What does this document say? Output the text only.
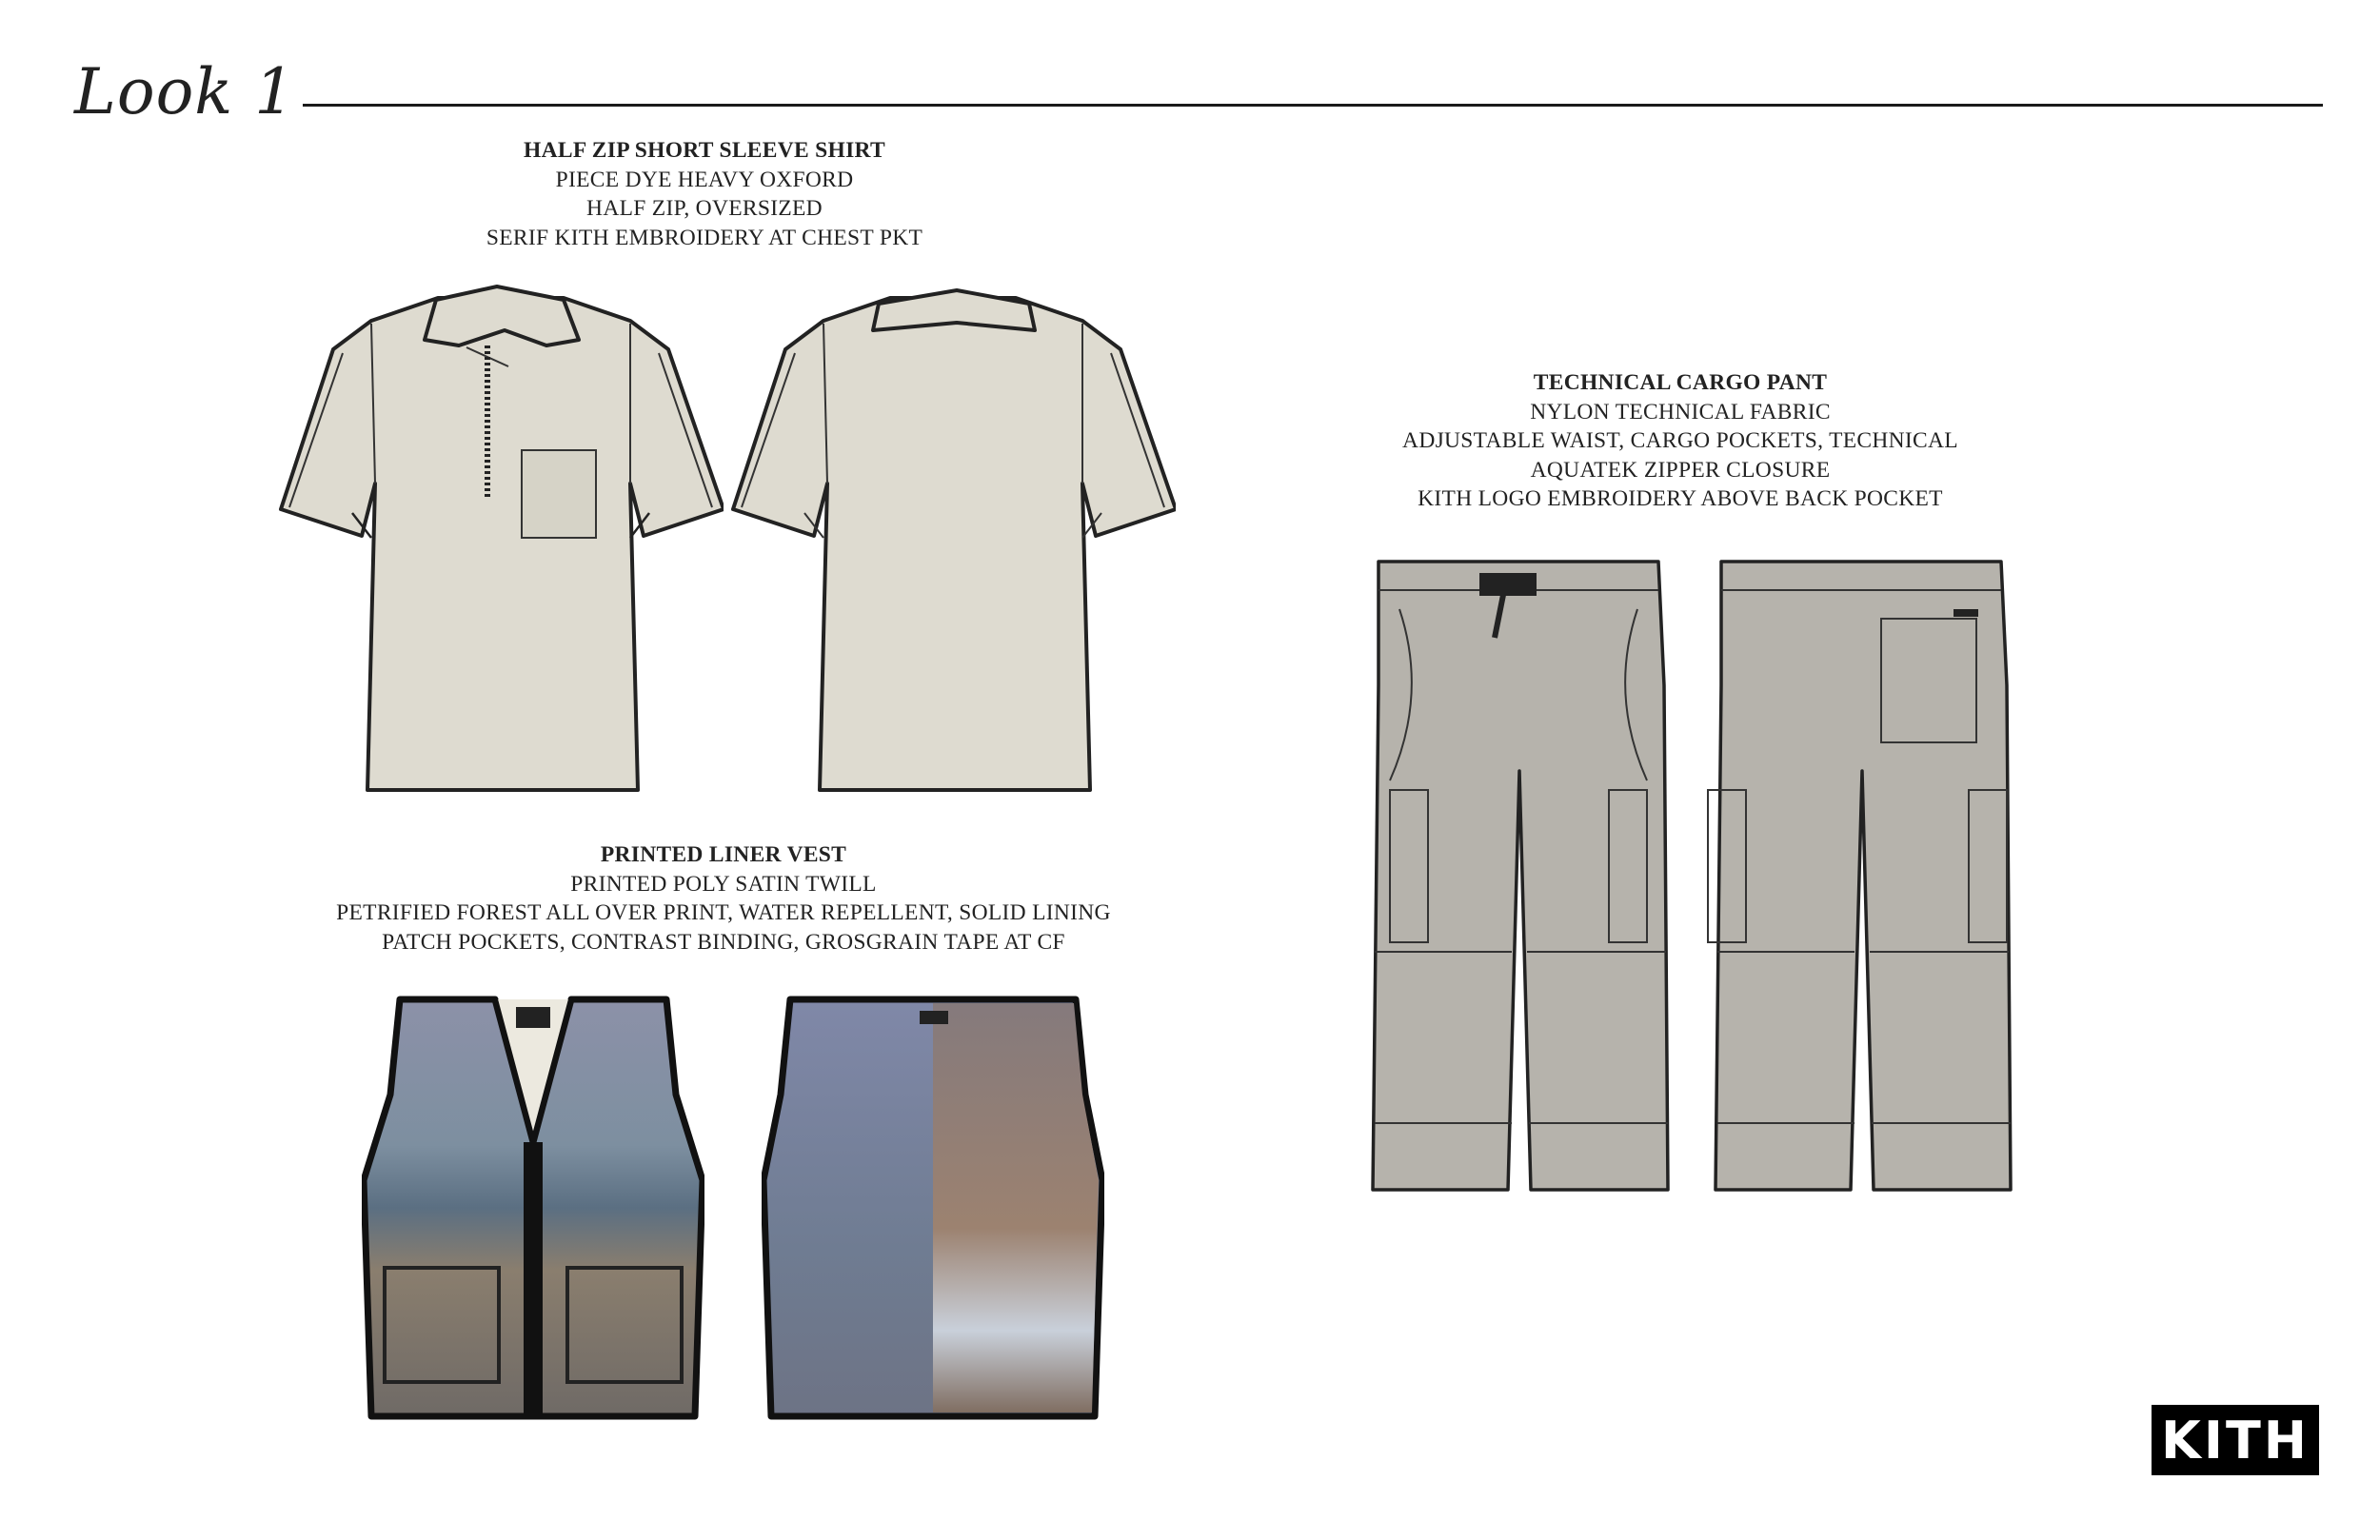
Look 1
HALF ZIP SHORT SLEEVE SHIRT
PIECE DYE HEAVY OXFORD
HALF ZIP, OVERSIZED
SERIF KITH EMBROIDERY AT CHEST PKT
PRINTED LINER VEST
PRINTED POLY SATIN TWILL
PETRIFIED FOREST ALL OVER PRINT, WATER REPELLENT, SOLID LINING
PATCH POCKETS, CONTRAST BINDING, GROSGRAIN TAPE AT CF
TECHNICAL CARGO PANT
NYLON TECHNICAL FABRIC
ADJUSTABLE WAIST, CARGO POCKETS, TECHNICAL
AQUATEK ZIPPER CLOSURE
KITH LOGO EMBROIDERY ABOVE BACK POCKET
KITH
